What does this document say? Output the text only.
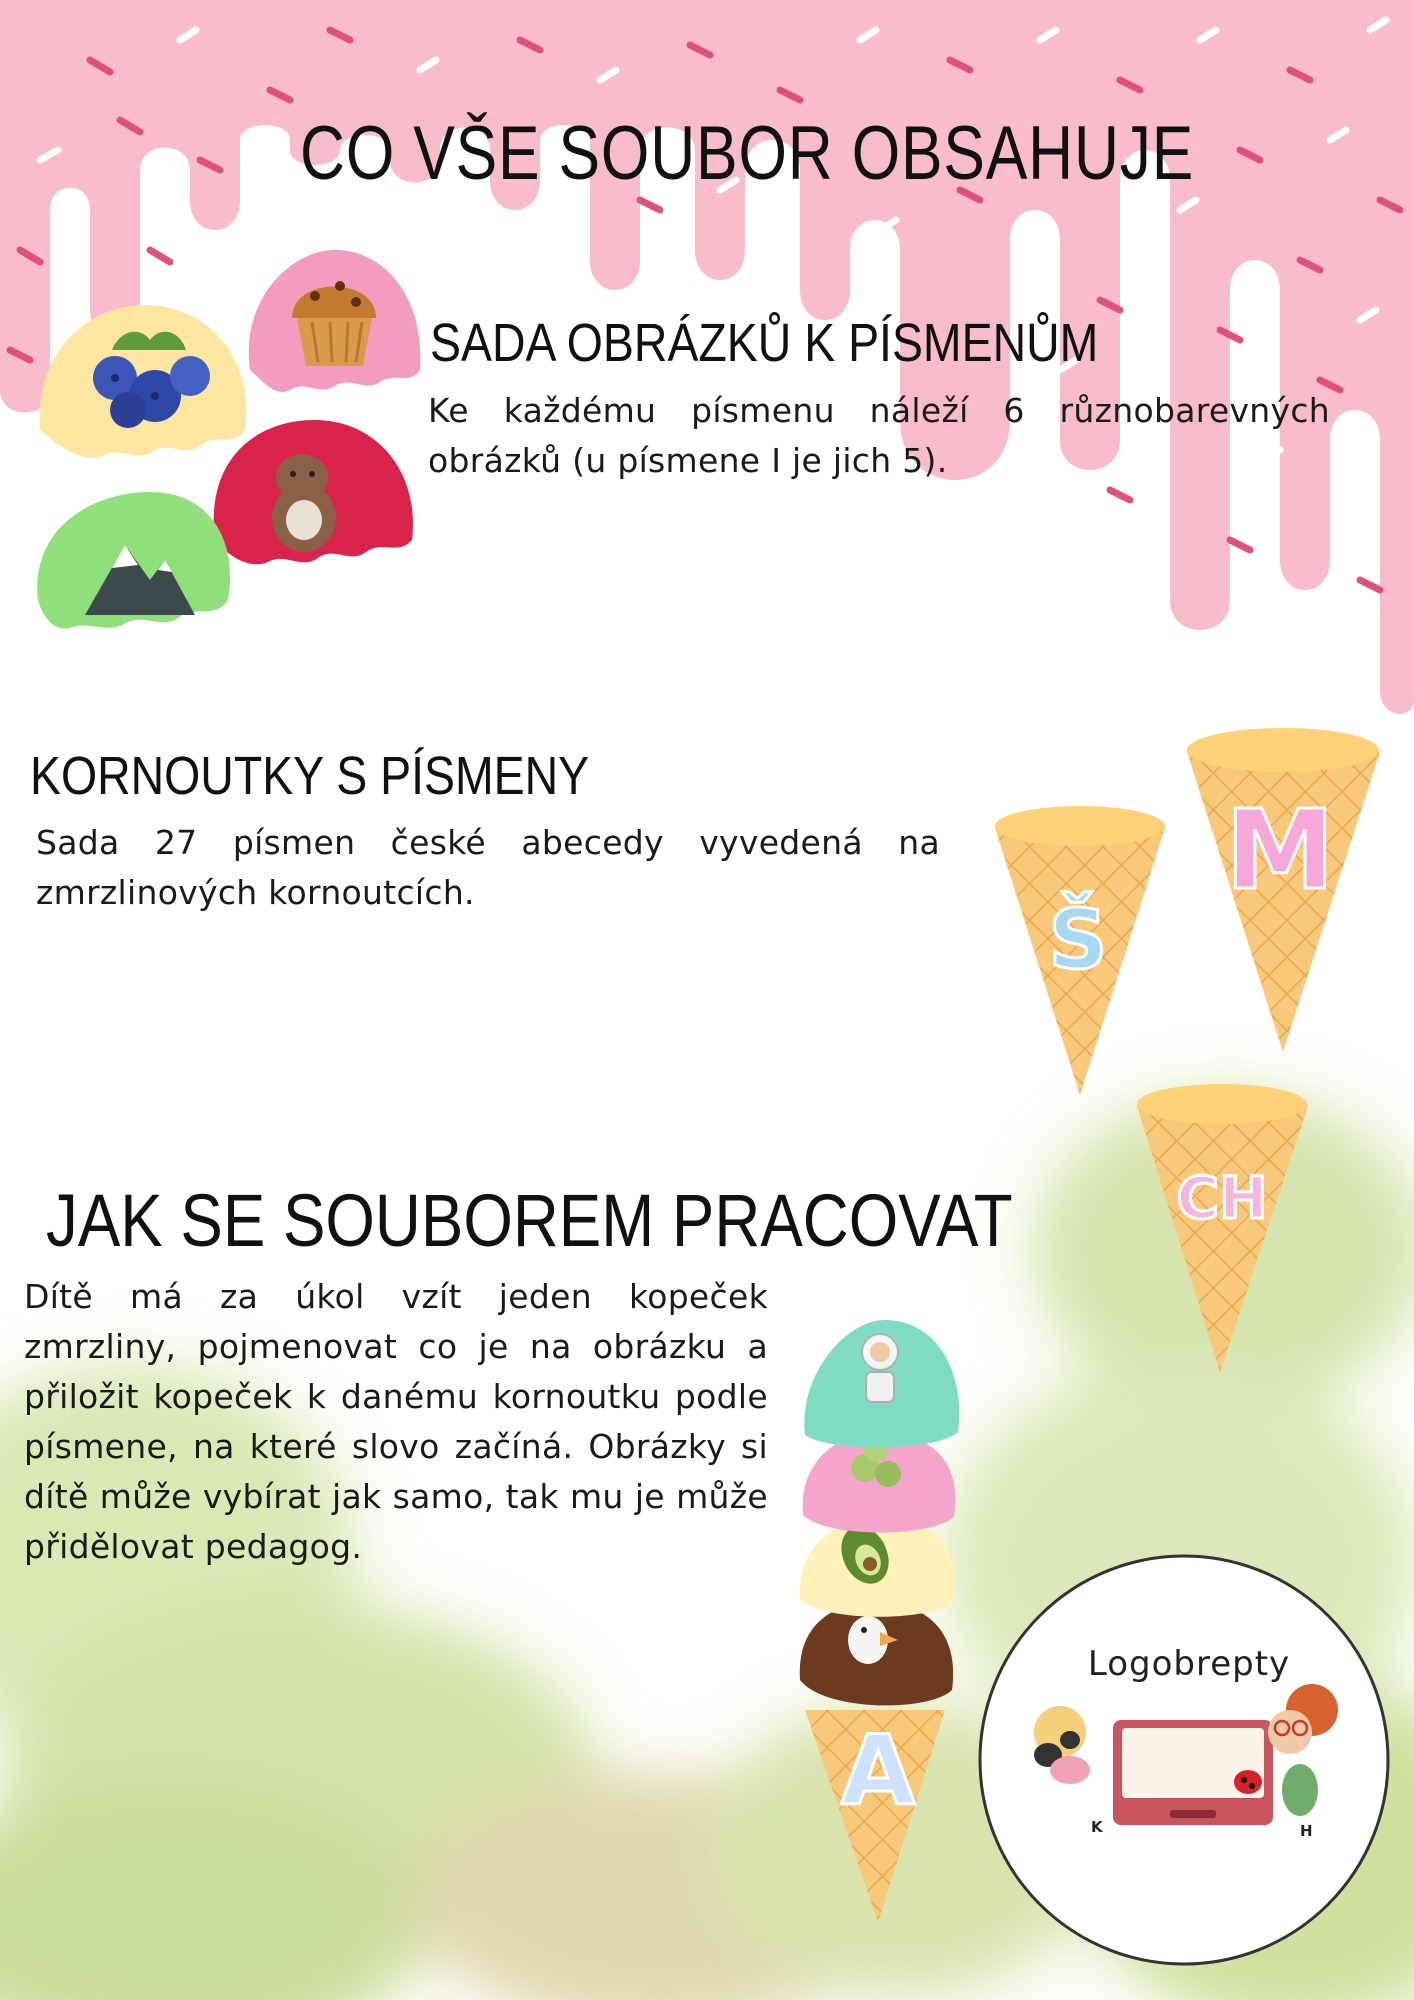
CO VŠE SOUBOR OBSAHUJE
SADA OBRÁZKŮ K PÍSMENŮM

Ke každému písmenu náleží 6 různobarevných obrázků (u písmene I je jich 5).

KORNOUTKY S PÍSMENY

Sada 27 písmen české abecedy vyvedená na zmrzlinových kornoutcích.

JAK SE SOUBOREM PRACOVAT

Dítě má za úkol vzít jeden kopeček zmrzliny, pojmenovat co je na obrázku a přiložit kopeček k danému kornoutku podle písmene, na které slovo začíná. Obrázky si dítě může vybírat jak samo, tak mu je může přidělovat pedagog.

Š
M
CH
A
Logobrepty
K	H
